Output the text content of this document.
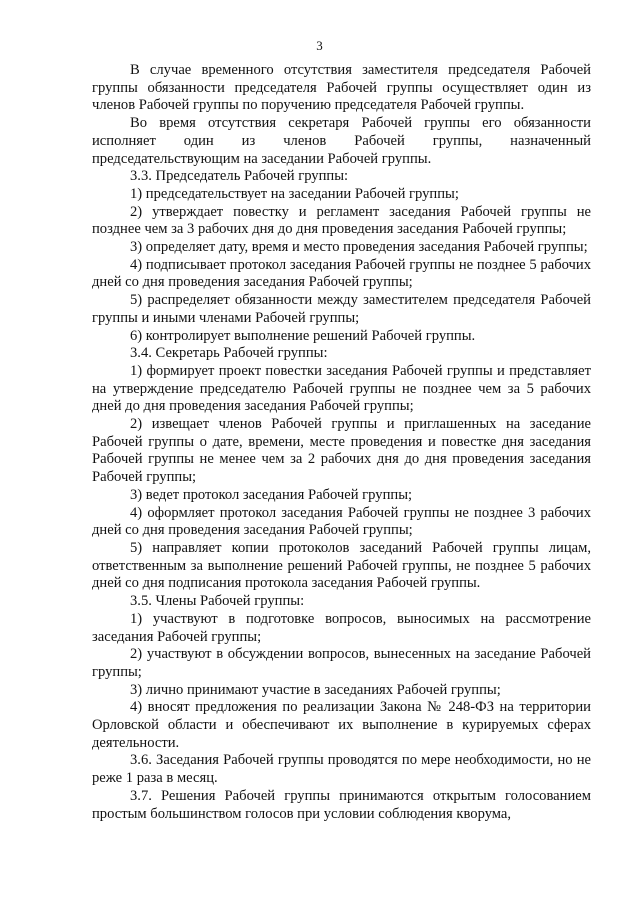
3

В случае временного отсутствия заместителя председателя Рабочей группы обязанности председателя Рабочей группы осуществляет один из членов Рабочей группы по поручению председателя Рабочей группы.

Во время отсутствия секретаря Рабочей группы его обязанности исполняет один из членов Рабочей группы, назначенный председательствующим на заседании Рабочей группы.

3.3. Председатель Рабочей группы:

1) председательствует на заседании Рабочей группы;

2) утверждает повестку и регламент заседания Рабочей группы не позднее чем за 3 рабочих дня до дня проведения заседания Рабочей группы;

3) определяет дату, время и место проведения заседания Рабочей группы;

4) подписывает протокол заседания Рабочей группы не позднее 5 рабочих дней со дня проведения заседания Рабочей группы;

5) распределяет обязанности между заместителем председателя Рабочей группы и иными членами Рабочей группы;

6) контролирует выполнение решений Рабочей группы.

3.4. Секретарь Рабочей группы:

1) формирует проект повестки заседания Рабочей группы и представляет на утверждение председателю Рабочей группы не позднее чем за 5 рабочих дней до дня проведения заседания Рабочей группы;

2) извещает членов Рабочей группы и приглашенных на заседание Рабочей группы о дате, времени, месте проведения и повестке дня заседания Рабочей группы не менее чем за 2 рабочих дня до дня проведения заседания Рабочей группы;

3) ведет протокол заседания Рабочей группы;

4) оформляет протокол заседания Рабочей группы не позднее 3 рабочих дней со дня проведения заседания Рабочей группы;

5) направляет копии протоколов заседаний Рабочей группы лицам, ответственным за выполнение решений Рабочей группы, не позднее 5 рабочих дней со дня подписания протокола заседания Рабочей группы.

3.5. Члены Рабочей группы:

1) участвуют в подготовке вопросов, выносимых на рассмотрение заседания Рабочей группы;

2) участвуют в обсуждении вопросов, вынесенных на заседание Рабочей группы;

3) лично принимают участие в заседаниях Рабочей группы;

4) вносят предложения по реализации Закона № 248-ФЗ на территории Орловской области и обеспечивают их выполнение в курируемых сферах деятельности.

3.6. Заседания Рабочей группы проводятся по мере необходимости, но не реже 1 раза в месяц.

3.7. Решения Рабочей группы принимаются открытым голосованием простым большинством голосов при условии соблюдения кворума,
